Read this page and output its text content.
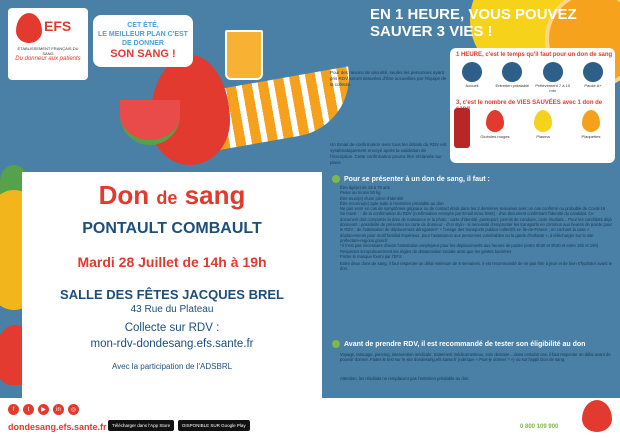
EFS
ÉTABLISSEMENT FRANÇAIS DU SANG
Du donneur aux patients
CET ÉTÉ,
LE MEILLEUR PLAN C'EST DE DONNER
SON SANG !
EN 1 HEURE, VOUS POUVEZ SAUVER 3 VIES !
Pour des raisons de sécurité, seules les personnes ayant pris RDV seront assurées d'être accueillies par l'équipe de la collecte.
Un Email de confirmation avec tous les détails du RDV est systématiquement envoyé après la validation de l'inscription. Cette confirmation pourra être réclamée sur place
1 HEURE, c'est le temps qu'il faut pour un don de sang
Accueil	Entretien préalable	Prélèvement 7 à 10 min
Pause A+
3, c'est le nombre de VIES SAUVÉES avec 1 don de
Globules rouges	Plasma	Plaquettes
Don de sang
PONTAULT COMBAULT
Mardi 28 Juillet de 14h à 19h
SALLE DES FÊTES JACQUES BREL
43 Rue du Plateau
Collecte sur RDV :
mon-rdv-dondesang.efs.sante.fr
Avec la participation de l'ADSBRL
Pour se présenter à un don de sang, il faut :

Être âgé(e) de 18 à 70 ans

Peser au moins 50 kg

Être muni(e) d'une pièce d'identité

Être reconnu(e) apte suite à l'entretien préalable au don

Ne pas venir en cas de symptômes grippaux ou de contact étroit dans les 2 dernières semaines avec un cas confirmé ou probable de Covid-19

Se munir : - de la confirmation du RDV (confirmation envoyée par Email et/ou SMS) - d'un document confirmant l'identité du candidat. Ce document doit comporter la date de naissance et la photo : carte d'identité, passeport, permis de conduire, carte étudiant... Pour les candidats déjà donneurs : possibilité de présenter sa carte de donneur - d'un stylo - si nécessité d'emprunter les transports en commun aux heures de pointe pour le RDV : de l'attestation de déplacement dérogatoire* + l'usage des transports publics collectifs en Île-de-France ; en cochant la case « déplacements pour motif familial impérieux, pour l'assistance aux personnes vulnérables ou la garde d'enfants », à télécharger sur le site prefecture-regions.gouv.fr

*Il n'est pas nécessaire d'avoir l'attestation employeur pour les déplacements aux heures de pointe (entre 6h30 et 9h30 et entre 16h et 19h)

Respecter scrupuleusement les règles de distanciation sociale ainsi que les gestes barrières

Porter le masque fourni par l'EFS

Entre deux dons de sang, il faut respecter un délai minimum de 8 semaines. Il est recommandé de ne pas être à jeun et de bien s'hydrater avant le don.

Avant de prendre RDV, il est recommandé de tester son éligibilité au don
Voyage, tatouage, piercing, intervention médicale, traitement médicamenteux, soin dentaire... dans certains cas, il faut respecter un délai avant de pouvoir donner. Faites le test sur le site dondesang.efs.sante.fr (rubrique « Puis-je donner ? ») ou sur l'appli Don de sang.
Attention, les résultats ne remplacent pas l'entretien préalable au don.
f	t	▶	in	◎
dondesang.efs.sante.fr	Télécharger dans l'App Store	DISPONIBLE SUR Google Play	0 800 109 900
